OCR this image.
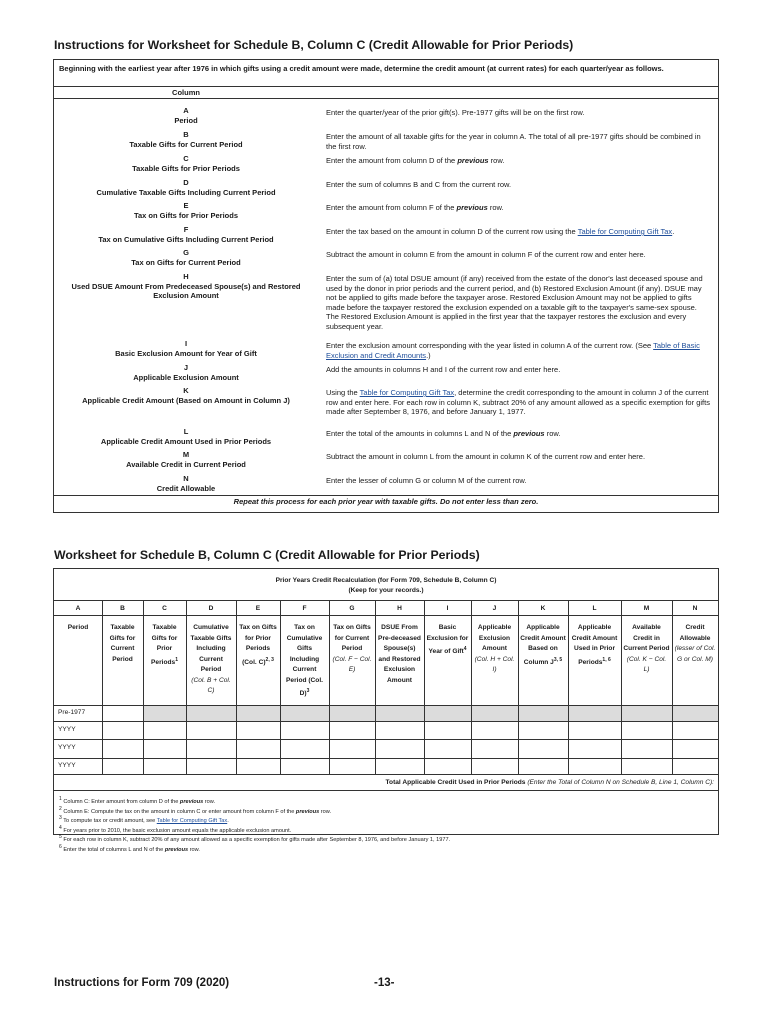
Instructions for Worksheet for Schedule B, Column C (Credit Allowable for Prior Periods)
Beginning with the earliest year after 1976 in which gifts using a credit amount were made, determine the credit amount (at current rates) for each quarter/year as follows.
Column
Repeat this process for each prior year with taxable gifts. Do not enter less than zero.
A
Period
Enter the quarter/year of the prior gift(s). Pre-1977 gifts will be on the first row.
B
Taxable Gifts for Current Period
Enter the amount of all taxable gifts for the year in column A. The total of all pre-1977 gifts should be combined in the first row.
C
Taxable Gifts for Prior Periods
Enter the amount from column D of the previous row.
D
Cumulative Taxable Gifts Including Current Period
Enter the sum of columns B and C from the current row.
E
Tax on Gifts for Prior Periods
Enter the amount from column F of the previous row.
F
Tax on Cumulative Gifts Including Current Period
Enter the tax based on the amount in column D of the current row using the Table for Computing Gift Tax.
G
Tax on Gifts for Current Period
Subtract the amount in column E from the amount in column F of the current row and enter here.
H
Used DSUE Amount From Predeceased Spouse(s) and Restored Exclusion Amount
Enter the sum of (a) total DSUE amount (if any) received from the estate of the donor's last deceased spouse and used by the donor in prior periods and the current period, and (b) Restored Exclusion Amount (if any). DSUE may not be applied to gifts made before the taxpayer arose. Restored Exclusion Amount may not be applied to gifts made before the taxpayer restored the exclusion expended on a taxable gift to the taxpayer's same-sex spouse. The Restored Exclusion Amount is applied in the first year that the taxpayer restores the exclusion and every subsequent year.
I
Basic Exclusion Amount for Year of Gift
Enter the exclusion amount corresponding with the year listed in column A of the current row. (See Table of Basic Exclusion and Credit Amounts.)
J
Applicable Exclusion Amount
Add the amounts in columns H and I of the current row and enter here.
K
Applicable Credit Amount (Based on Amount in Column J)
Using the Table for Computing Gift Tax, determine the credit corresponding to the amount in column J of the current row and enter here. For each row in column K, subtract 20% of any amount allowed as a specific exemption for gifts made after September 8, 1976, and before January 1, 1977.
L
Applicable Credit Amount Used in Prior Periods
Enter the total of the amounts in columns L and N of the previous row.
M
Available Credit in Current Period
Subtract the amount in column L from the amount in column K of the current row and enter here.
N
Credit Allowable
Enter the lesser of column G or column M of the current row.
Worksheet for Schedule B, Column C (Credit Allowable for Prior Periods)
Prior Years Credit Recalculation (for Form 709, Schedule B, Column C)
(Keep for your records.)
Total Applicable Credit Used in Prior Periods (Enter the Total of Column N on Schedule B, Line 1, Column C):
A
Period
B
Taxable Gifts for Current Period
C
Taxable Gifts for Prior Periods$^1$
D
Cumulative Taxable Gifts Including Current Period
(Col. B + Col. C)
E
Tax on Gifts for Prior Periods (Col. C)$^{2, 3}$
F
Tax on Cumulative Gifts Including Current Period (Col. D)$^3$
G
Tax on Gifts for Current Period
(Col. F − Col. E)
H
DSUE From Pre-deceased Spouse(s) and Restored Exclusion Amount
I
Basic Exclusion for Year of Gift$^4$
J
Applicable Exclusion Amount
(Col. H + Col. I)
K
Applicable Credit Amount Based on Column J$^{3, 5}$
L
Applicable Credit Amount Used in Prior Periods$^{1, 6}$
M
Available Credit in Current Period
(Col. K − Col. L)
N
Credit Allowable
(lesser of Col. G or Col. M)
Pre-1977
YYYY
YYYY
YYYY
$^1$ Column C: Enter amount from column D of the previous row.
$^2$ Column E: Compute the tax on the amount in column C or enter amount from column F of the previous row.
$^3$ To compute tax or credit amount, see Table for Computing Gift Tax.
$^4$ For years prior to 2010, the basic exclusion amount equals the applicable exclusion amount.
$^5$ For each row in column K, subtract 20% of any amount allowed as a specific exemption for gifts made after September 8, 1976, and before January 1, 1977.
$^6$ Enter the total of columns L and N of the previous row.
Instructions for Form 709 (2020)	-13-
